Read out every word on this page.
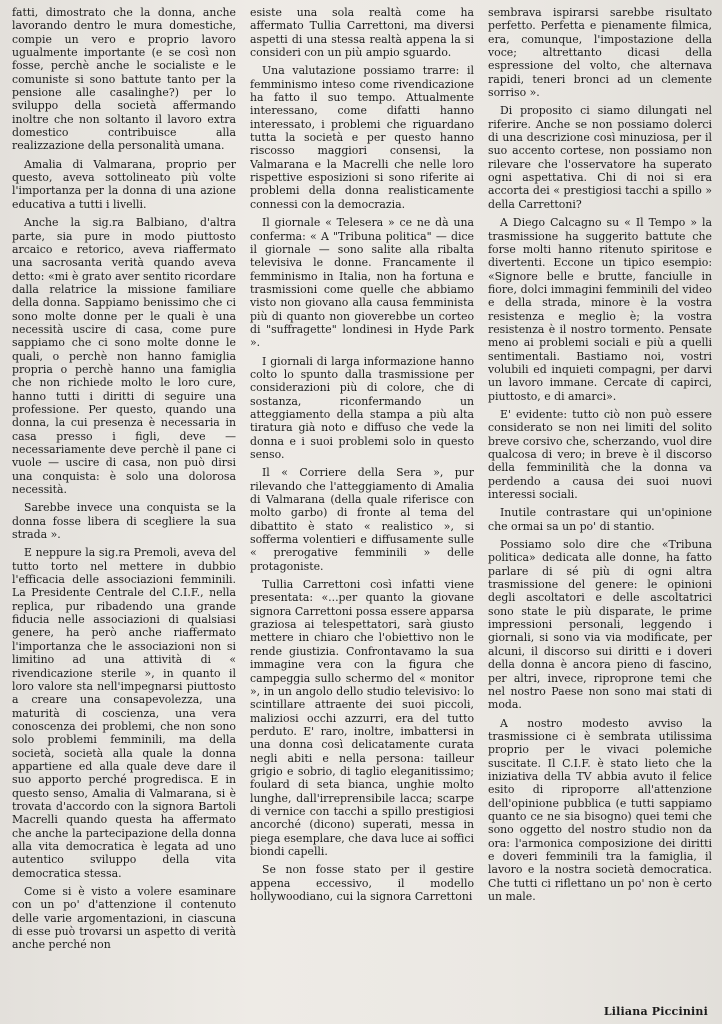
fatti, dimostrato che la donna, anche lavorando dentro le mura domestiche, compie un vero e proprio lavoro ugualmente importante (e se così non fosse, perchè anche le socialiste e le comuniste si sono battute tanto per la pensione alle casalinghe?) per lo sviluppo della società affermando inoltre che non soltanto il lavoro extra domestico contribuisce alla realizzazione della personalità umana.

Amalia di Valmarana, proprio per questo, aveva sottolineato più volte l'importanza per la donna di una azione educativa a tutti i livelli.

Anche la sig.ra Balbiano, d'altra parte, sia pure in modo piuttosto arcaico e retorico, aveva riaffermato una sacrosanta verità quando aveva detto: «mi è grato aver sentito ricordare dalla relatrice la missione familiare della donna. Sappiamo benissimo che ci sono molte donne per le quali è una necessità uscire di casa, come pure sappiamo che ci sono molte donne le quali, o perchè non hanno famiglia propria o perchè hanno una famiglia che non richiede molto le loro cure, hanno tutti i diritti di seguire una professione. Per questo, quando una donna, la cui presenza è necessaria in casa presso i figli, deve — necessariamente deve perchè il pane ci vuole — uscire di casa, non può dirsi una conquista: è solo una dolorosa necessità.

Sarebbe invece una conquista se la donna fosse libera di scegliere la sua strada ».

E neppure la sig.ra Premoli, aveva del tutto torto nel mettere in dubbio l'efficacia delle associazioni femminili. La Presidente Centrale del C.I.F., nella replica, pur ribadendo una grande fiducia nelle associazioni di qualsiasi genere, ha però anche riaffermato l'importanza che le associazioni non si limitino ad una attività di « rivendicazione sterile », in quanto il loro valore sta nell'impegnarsi piuttosto a creare una consapevolezza, una maturità di coscienza, una vera conoscenza dei problemi, che non sono solo problemi femminili, ma della società, società alla quale la donna appartiene ed alla quale deve dare il suo apporto perché progredisca. E in questo senso, Amalia di Valmarana, si è trovata d'accordo con la signora Bartoli Macrelli quando questa ha affermato che anche la partecipazione della donna alla vita democratica è legata ad uno autentico sviluppo della vita democratica stessa.

Come si è visto a volere esaminare con un po' d'attenzione il contenuto delle varie argomentazioni, in ciascuna di esse può trovarsi un aspetto di verità anche perché non

esiste una sola realtà come ha affermato Tullia Carrettoni, ma diversi aspetti di una stessa realtà appena la si consideri con un più ampio sguardo.

Una valutazione possiamo trarre: il femminismo inteso come rivendicazione ha fatto il suo tempo. Attualmente interessano, come difatti hanno interessato, i problemi che riguardano tutta la società e per questo hanno riscosso maggiori consensi, la Valmarana e la Macrelli che nelle loro rispettive esposizioni si sono riferite ai problemi della donna realisticamente connessi con la democrazia.

Il giornale « Telesera » ce ne dà una conferma: « A "Tribuna politica" — dice il giornale — sono salite alla ribalta televisiva le donne. Francamente il femminismo in Italia, non ha fortuna e trasmissioni come quelle che abbiamo visto non giovano alla causa femminista più di quanto non gioverebbe un corteo di "suffragette" londinesi in Hyde Park ».

I giornali di larga informazione hanno colto lo spunto dalla trasmissione per considerazioni più di colore, che di sostanza, riconfermando un atteggiamento della stampa a più alta tiratura già noto e diffuso che vede la donna e i suoi problemi solo in questo senso.

Il « Corriere della Sera », pur rilevando che l'atteggiamento di Amalia di Valmarana (della quale riferisce con molto garbo) di fronte al tema del dibattito è stato « realistico », si sofferma volentieri e diffusamente sulle « prerogative femminili » delle protagoniste.

Tullia Carrettoni così infatti viene presentata: «...per quanto la giovane signora Carrettoni possa essere apparsa graziosa ai telespettatori, sarà giusto mettere in chiaro che l'obiettivo non le rende giustizia. Confrontavamo la sua immagine vera con la figura che campeggia sullo schermo del « monitor », in un angolo dello studio televisivo: lo scintillare attraente dei suoi piccoli, maliziosi occhi azzurri, era del tutto perduto. E' raro, inoltre, imbattersi in una donna così delicatamente curata negli abiti e nella persona: tailleur grigio e sobrio, di taglio eleganitissimo; foulard di seta bianca, unghie molto lunghe, dall'irreprensibile lacca; scarpe di vernice con tacchi a spillo prestigiosi ancorché (dicono) superati, messa in piega esemplare, che dava luce ai soffici biondi capelli.

Se non fosse stato per il gestire appena eccessivo, il modello hollywoodiano, cui la signora Carrettoni

sembrava ispirarsi sarebbe risultato perfetto. Perfetta e pienamente filmica, era, comunque, l'impostazione della voce; altrettanto dicasi della espressione del volto, che alternava rapidi, teneri bronci ad un clemente sorriso ».

Di proposito ci siamo dilungati nel riferire. Anche se non possiamo dolerci di una descrizione così minuziosa, per il suo accento cortese, non possiamo non rilevare che l'osservatore ha superato ogni aspettativa. Chi di noi si era accorta dei « prestigiosi tacchi a spillo » della Carrettoni?

A Diego Calcagno su « Il Tempo » la trasmissione ha suggerito battute che forse molti hanno ritenuto spiritose e divertenti. Eccone un tipico esempio: «Signore belle e brutte, fanciulle in fiore, dolci immagini femminili del video e della strada, minore è la vostra resistenza e meglio è; la vostra resistenza è il nostro tormento. Pensate meno ai problemi sociali e più a quelli sentimentali. Bastiamo noi, vostri volubili ed inquieti compagni, per darvi un lavoro immane. Cercate di capirci, piuttosto, e di amarci».

E' evidente: tutto ciò non può essere considerato se non nei limiti del solito breve corsivo che, scherzando, vuol dire qualcosa di vero; in breve è il discorso della femminilità che la donna va perdendo a causa dei suoi nuovi interessi sociali.

Inutile contrastare qui un'opinione che ormai sa un po' di stantio.

Possiamo solo dire che «Tribuna politica» dedicata alle donne, ha fatto parlare di sé più di ogni altra trasmissione del genere: le opinioni degli ascoltatori e delle ascoltatrici sono state le più disparate, le prime impressioni personali, leggendo i giornali, si sono via via modificate, per alcuni, il discorso sui diritti e i doveri della donna è ancora pieno di fascino, per altri, invece, riproprone temi che nel nostro Paese non sono mai stati di moda.

A nostro modesto avviso la trasmissione ci è sembrata utilissima proprio per le vivaci polemiche suscitate. Il C.I.F. è stato lieto che la iniziativa della TV abbia avuto il felice esito di riproporre all'attenzione dell'opinione pubblica (e tutti sappiamo quanto ce ne sia bisogno) quei temi che sono oggetto del nostro studio non da ora: l'armonica composizione dei diritti e doveri femminili tra la famiglia, il lavoro e la nostra società democratica. Che tutti ci riflettano un po' non è certo un male.

Liliana Piccinini
